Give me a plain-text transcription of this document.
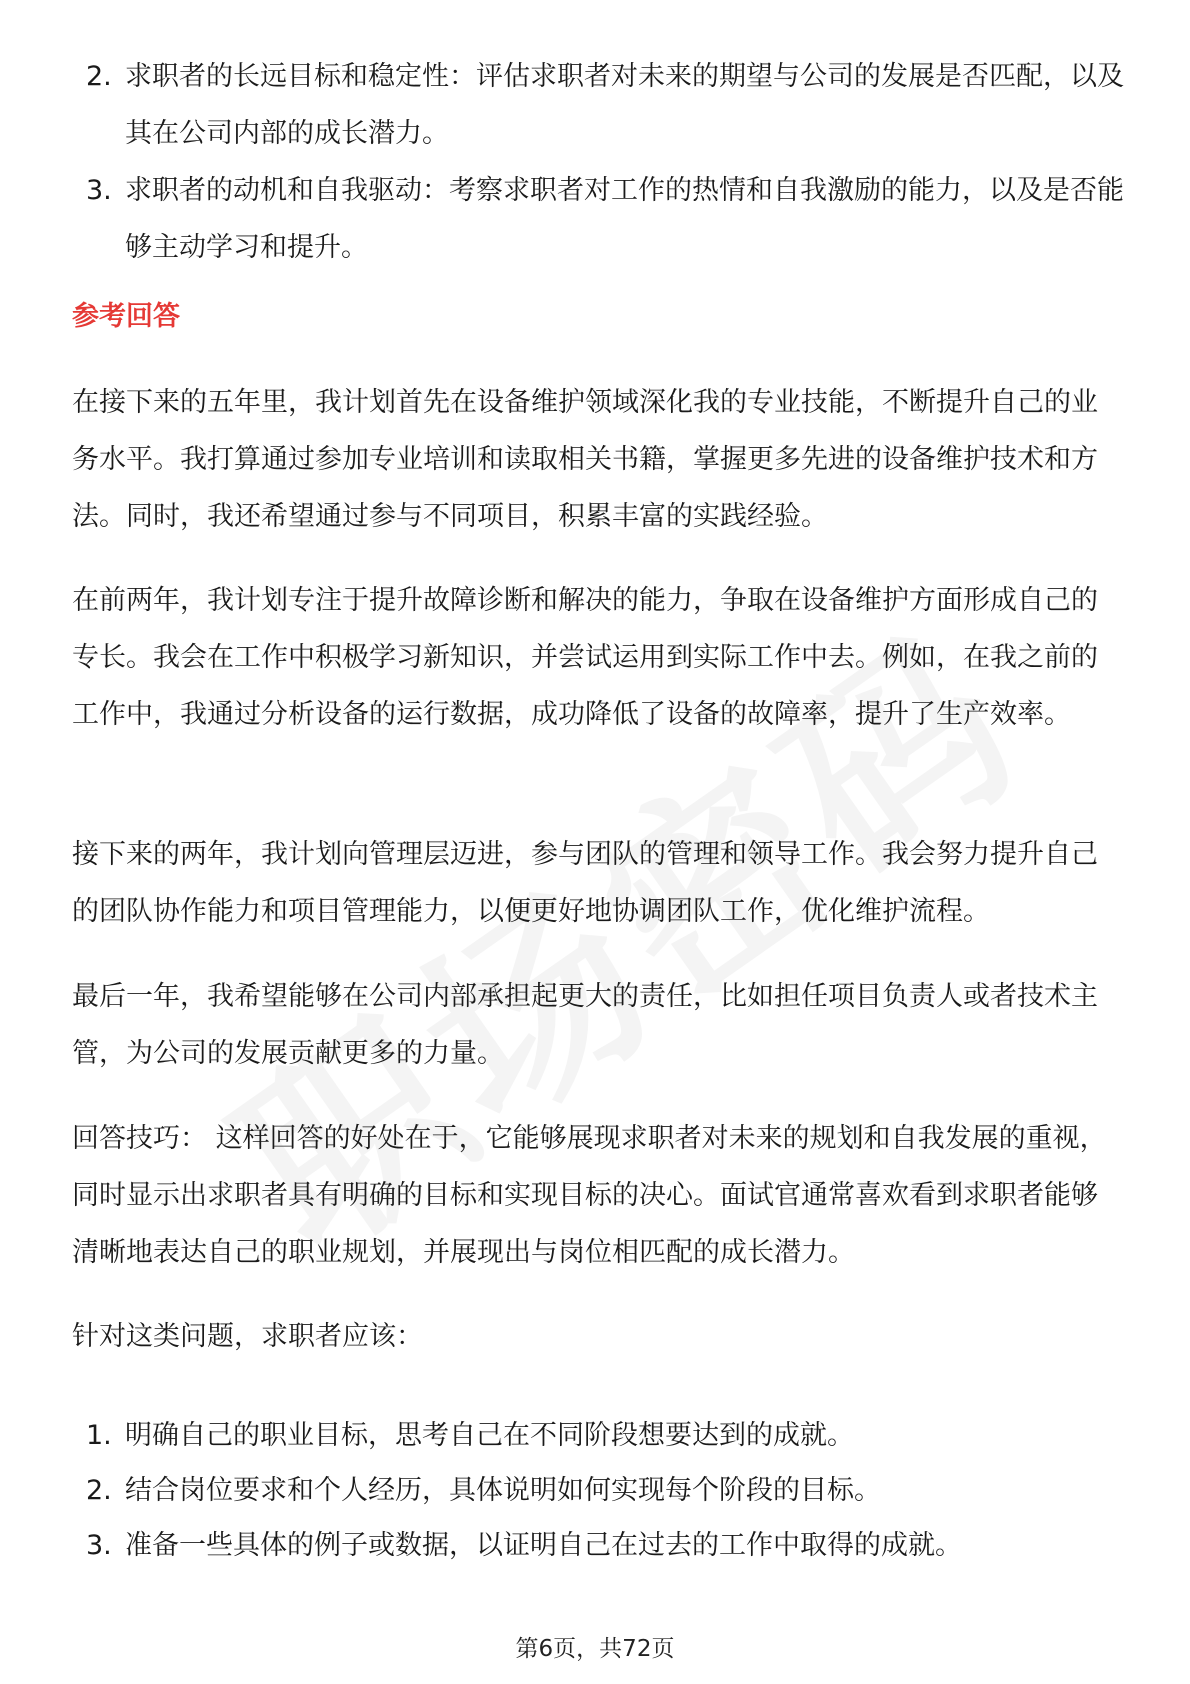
2. 求职者的长远目标和稳定性：评估求职者对未来的期望与公司的发展是否匹配，以及其在公司内部的成长潜力。
3. 求职者的动机和自我驱动：考察求职者对工作的热情和自我激励的能力，以及是否能够主动学习和提升。
参考回答

在接下来的五年里，我计划首先在设备维护领域深化我的专业技能，不断提升自己的业务水平。我打算通过参加专业培训和读取相关书籍，掌握更多先进的设备维护技术和方法。同时，我还希望通过参与不同项目，积累丰富的实践经验。

在前两年，我计划专注于提升故障诊断和解决的能力，争取在设备维护方面形成自己的专长。我会在工作中积极学习新知识，并尝试运用到实际工作中去。例如，在我之前的工作中，我通过分析设备的运行数据，成功降低了设备的故障率，提升了生产效率。

接下来的两年，我计划向管理层迈进，参与团队的管理和领导工作。我会努力提升自己的团队协作能力和项目管理能力，以便更好地协调团队工作，优化维护流程。

最后一年，我希望能够在公司内部承担起更大的责任，比如担任项目负责人或者技术主管，为公司的发展贡献更多的力量。

回答技巧： 这样回答的好处在于，它能够展现求职者对未来的规划和自我发展的重视，同时显示出求职者具有明确的目标和实现目标的决心。面试官通常喜欢看到求职者能够清晰地表达自己的职业规划，并展现出与岗位相匹配的成长潜力。

针对这类问题，求职者应该：

1. 明确自己的职业目标，思考自己在不同阶段想要达到的成就。
2. 结合岗位要求和个人经历，具体说明如何实现每个阶段的目标。
3. 准备一些具体的例子或数据，以证明自己在过去的工作中取得的成就。
第6页，共72页
